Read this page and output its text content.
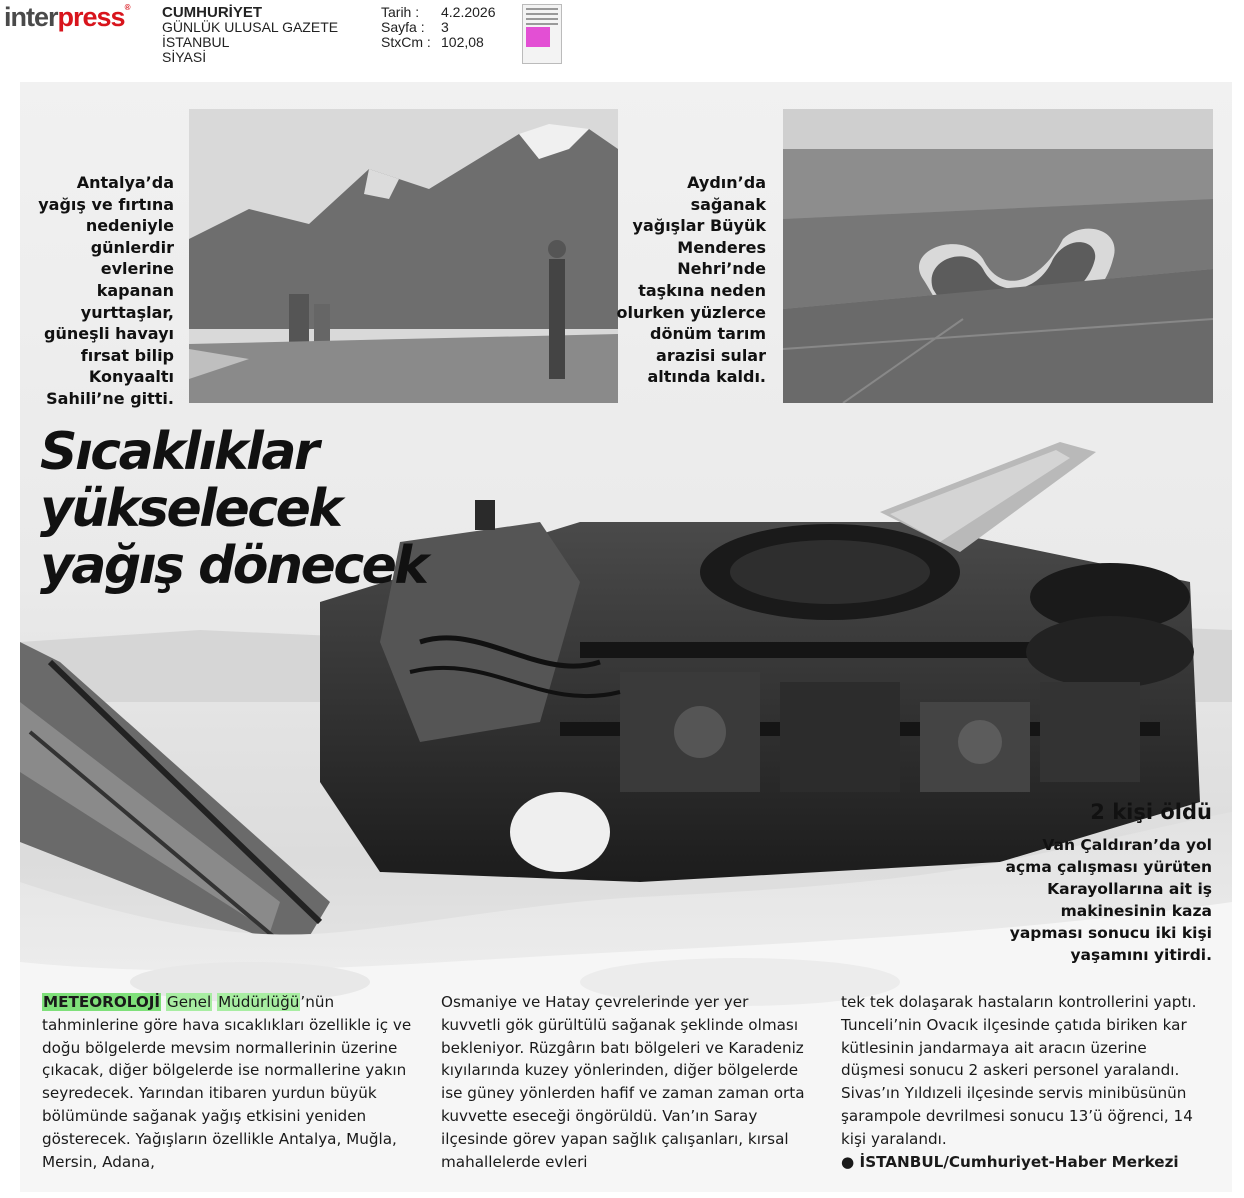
interpress® CUMHURİYET
GÜNLÜK ULUSAL GAZETE
İSTANBUL
SİYASİ
Tarih :	4.2.2026
Sayfa :	3
StxCm : 102,08
Antalya’da yağış ve fırtına nedeniyle günlerdir evlerine kapanan yurttaşlar, güneşli havayı fırsat bilip Konyaaltı Sahili’ne gitti.
Aydın’da sağanak yağışlar Büyük Menderes Nehri’nde taşkına neden olurken yüzlerce dönüm tarım arazisi sular altında kaldı.
Sıcaklıklar
yükselecek
yağış dönecek
2 kişi öldü
Van Çaldıran’da yol açma çalışması yürüten Karayollarına ait iş makinesinin kaza yapması sonucu iki kişi yaşamını yitirdi.
METEOROLOJİ Genel Müdürlüğü’nün tahminlerine göre hava sıcaklıkları özellikle iç ve doğu bölgelerde mevsim normallerinin üzerine çıkacak, diğer bölgelerde ise normallerine yakın seyredecek. Yarından itibaren yurdun büyük bölümünde sağanak yağış etkisini yeniden gösterecek. Yağışların özellikle Antalya, Muğla, Mersin, Adana,
Osmaniye ve Hatay çevrelerinde yer yer kuvvetli gök gürültülü sağanak şeklinde olması bekleniyor. Rüzgârın batı bölgeleri ve Karadeniz kıyılarında kuzey yönlerinden, diğer bölgelerde ise güney yönlerden hafif ve zaman zaman orta kuvvette eseceği öngörüldü. Van’ın Saray ilçesinde görev yapan sağlık çalışanları, kırsal mahallelerde evleri
tek tek dolaşarak hastaların kontrollerini yaptı. Tunceli’nin Ovacık ilçesinde çatıda biriken kar kütlesinin jandarmaya ait aracın üzerine düşmesi sonucu 2 askeri personel yaralandı. Sivas’ın Yıldızeli ilçesinde servis minibüsünün şarampole devrilmesi sonucu 13’ü öğrenci, 14 kişi yaralandı.
● İSTANBUL/Cumhuriyet-Haber Merkezi
